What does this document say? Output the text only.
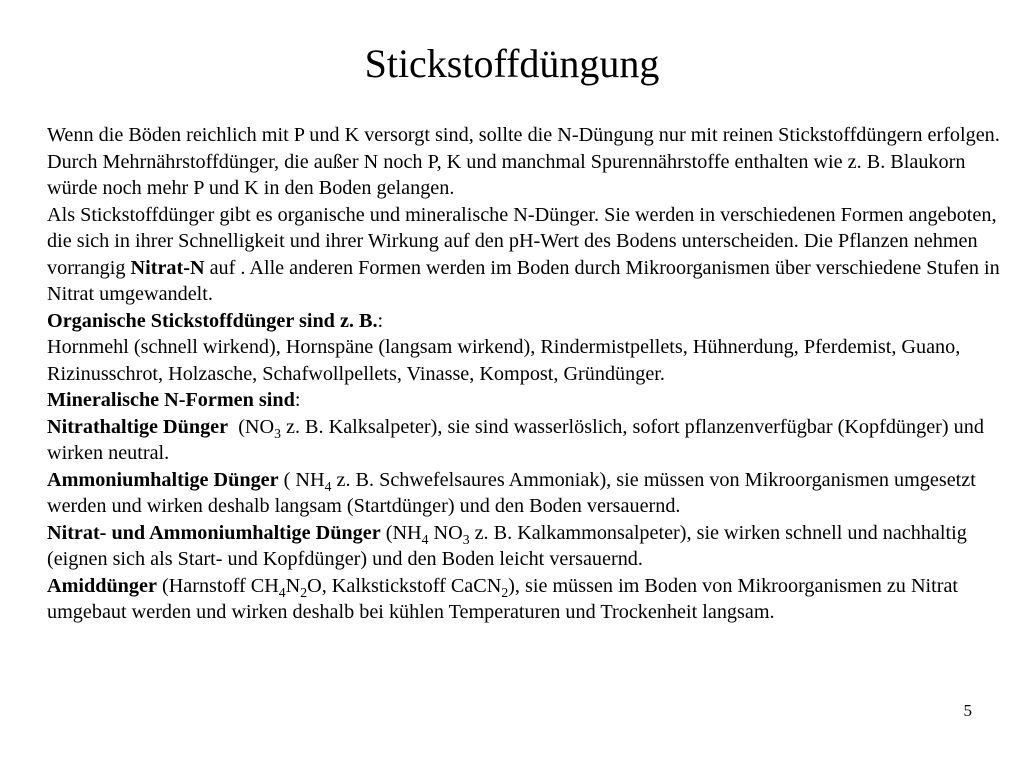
Stickstoffdüngung

Wenn die Böden reichlich mit P und K versorgt sind, sollte die N-Düngung nur mit reinen Stickstoffdüngern erfolgen. Durch Mehrnährstoffdünger, die außer N noch P, K und manchmal Spurennährstoffe enthalten wie z. B. Blaukorn würde noch mehr P und K in den Boden gelangen.

Als Stickstoffdünger gibt es organische und mineralische N-Dünger. Sie werden in verschiedenen Formen angeboten, die sich in ihrer Schnelligkeit und ihrer Wirkung auf den pH-Wert des Bodens unterscheiden. Die Pflanzen nehmen vorrangig Nitrat-N auf . Alle anderen Formen werden im Boden durch Mikroorganismen über verschiedene Stufen in Nitrat umgewandelt.

Organische Stickstoffdünger sind z. B.:

Hornmehl (schnell wirkend), Hornspäne (langsam wirkend), Rindermistpellets, Hühnerdung, Pferdemist, Guano, Rizinusschrot, Holzasche, Schafwollpellets, Vinasse, Kompost, Gründünger.

Mineralische N-Formen sind:

Nitrathaltige Dünger  ($NO_3$ z. B. Kalksalpeter), sie sind wasserlöslich, sofort pflanzenverfügbar (Kopfdünger) und wirken neutral.

Ammoniumhaltige Dünger ( $NH_4$ z. B. Schwefelsaures Ammoniak), sie müssen von Mikroorganismen umgesetzt werden und wirken deshalb langsam (Startdünger) und den Boden versauernd.

Nitrat- und Ammoniumhaltige Dünger ($NH_4$ $NO_3$ z. B. Kalkammonsalpeter), sie wirken schnell und nachhaltig (eignen sich als Start- und Kopfdünger) und den Boden leicht versauernd.

Amiddünger (Harnstoff $CH_4N_2O$, Kalkstickstoff CaCN$_2$), sie müssen im Boden von Mikroorganismen zu Nitrat umgebaut werden und wirken deshalb bei kühlen Temperaturen und Trockenheit langsam.

5
